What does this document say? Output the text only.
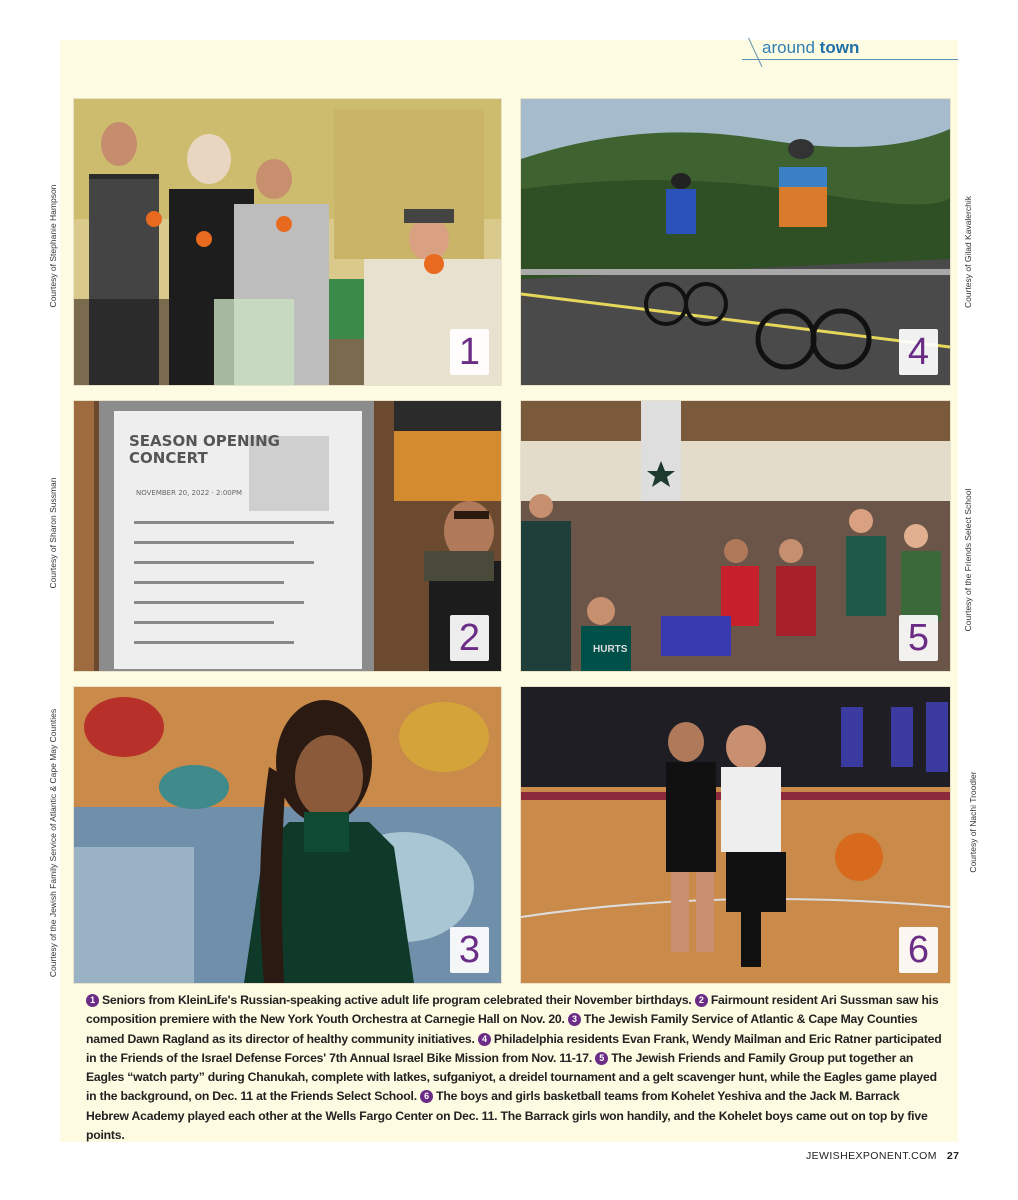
around town
1	4
SEASON OPENING
CONCERT
NOVEMBER 20, 2022 · 2:00PM
2	HURTS	5
3	6
Courtesy of Stephanie Hampson
Courtesy of Sharon Sussman
Courtesy of the Jewish Family Service of Atlantic & Cape May Counties
Courtesy of Gilad Kavalerchik
Courtesy of the Friends Select School
Courtesy of Nachi Troodler
1 Seniors from KleinLife's Russian-speaking active adult life program celebrated their November birthdays. 2 Fairmount resident Ari Sussman saw his composition premiere with the New York Youth Orchestra at Carnegie Hall on Nov. 20. 3 The Jewish Family Service of Atlantic & Cape May Counties named Dawn Ragland as its director of healthy community initiatives. 4 Philadelphia residents Evan Frank, Wendy Mailman and Eric Ratner participated in the Friends of the Israel Defense Forces' 7th Annual Israel Bike Mission from Nov. 11-17. 5 The Jewish Friends and Family Group put together an Eagles “watch party” during Chanukah, complete with latkes, sufganiyot, a dreidel tournament and a gelt scavenger hunt, while the Eagles game played in the background, on Dec. 11 at the Friends Select School. 6 The boys and girls basketball teams from Kohelet Yeshiva and the Jack M. Barrack Hebrew Academy played each other at the Wells Fargo Center on Dec. 11. The Barrack girls won handily, and the Kohelet boys came out on top by five points.
JEWISHEXPONENT.COM 27
